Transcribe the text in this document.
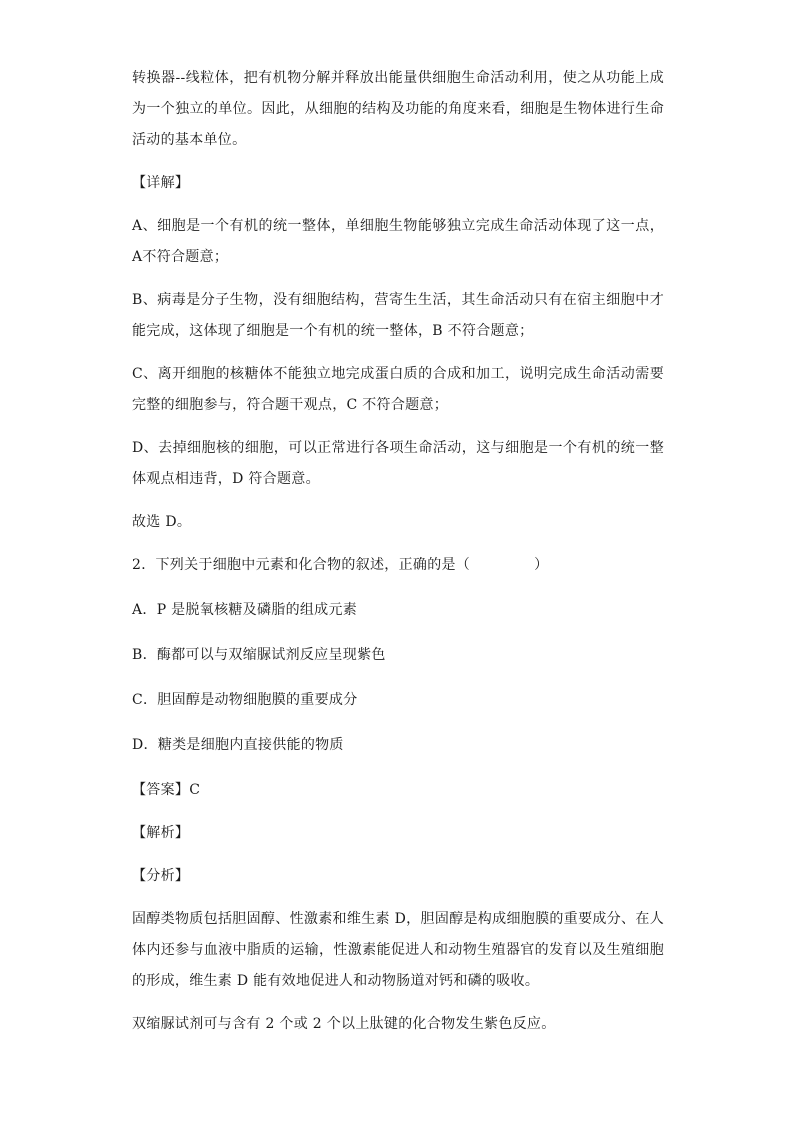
转换器--线粒体，把有机物分解并释放出能量供细胞生命活动利用，使之从功能上成为一个独立的单位。因此，从细胞的结构及功能的角度来看，细胞是生物体进行生命活动的基本单位。

【详解】

A、细胞是一个有机的统一整体，单细胞生物能够独立完成生命活动体现了这一点，A不符合题意；

B、病毒是分子生物，没有细胞结构，营寄生生活，其生命活动只有在宿主细胞中才能完成，这体现了细胞是一个有机的统一整体，B 不符合题意；

C、离开细胞的核糖体不能独立地完成蛋白质的合成和加工，说明完成生命活动需要完整的细胞参与，符合题干观点，C 不符合题意；

D、去掉细胞核的细胞，可以正常进行各项生命活动，这与细胞是一个有机的统一整体观点相违背，D 符合题意。

故选 D。

2．下列关于细胞中元素和化合物的叙述，正确的是（	）

A．P 是脱氧核糖及磷脂的组成元素

B．酶都可以与双缩脲试剂反应呈现紫色

C．胆固醇是动物细胞膜的重要成分

D．糖类是细胞内直接供能的物质

【答案】C

【解析】

【分析】

固醇类物质包括胆固醇、性激素和维生素 D，胆固醇是构成细胞膜的重要成分、在人体内还参与血液中脂质的运输，性激素能促进人和动物生殖器官的发育以及生殖细胞的形成，维生素 D 能有效地促进人和动物肠道对钙和磷的吸收。

双缩脲试剂可与含有 2 个或 2 个以上肽键的化合物发生紫色反应。
